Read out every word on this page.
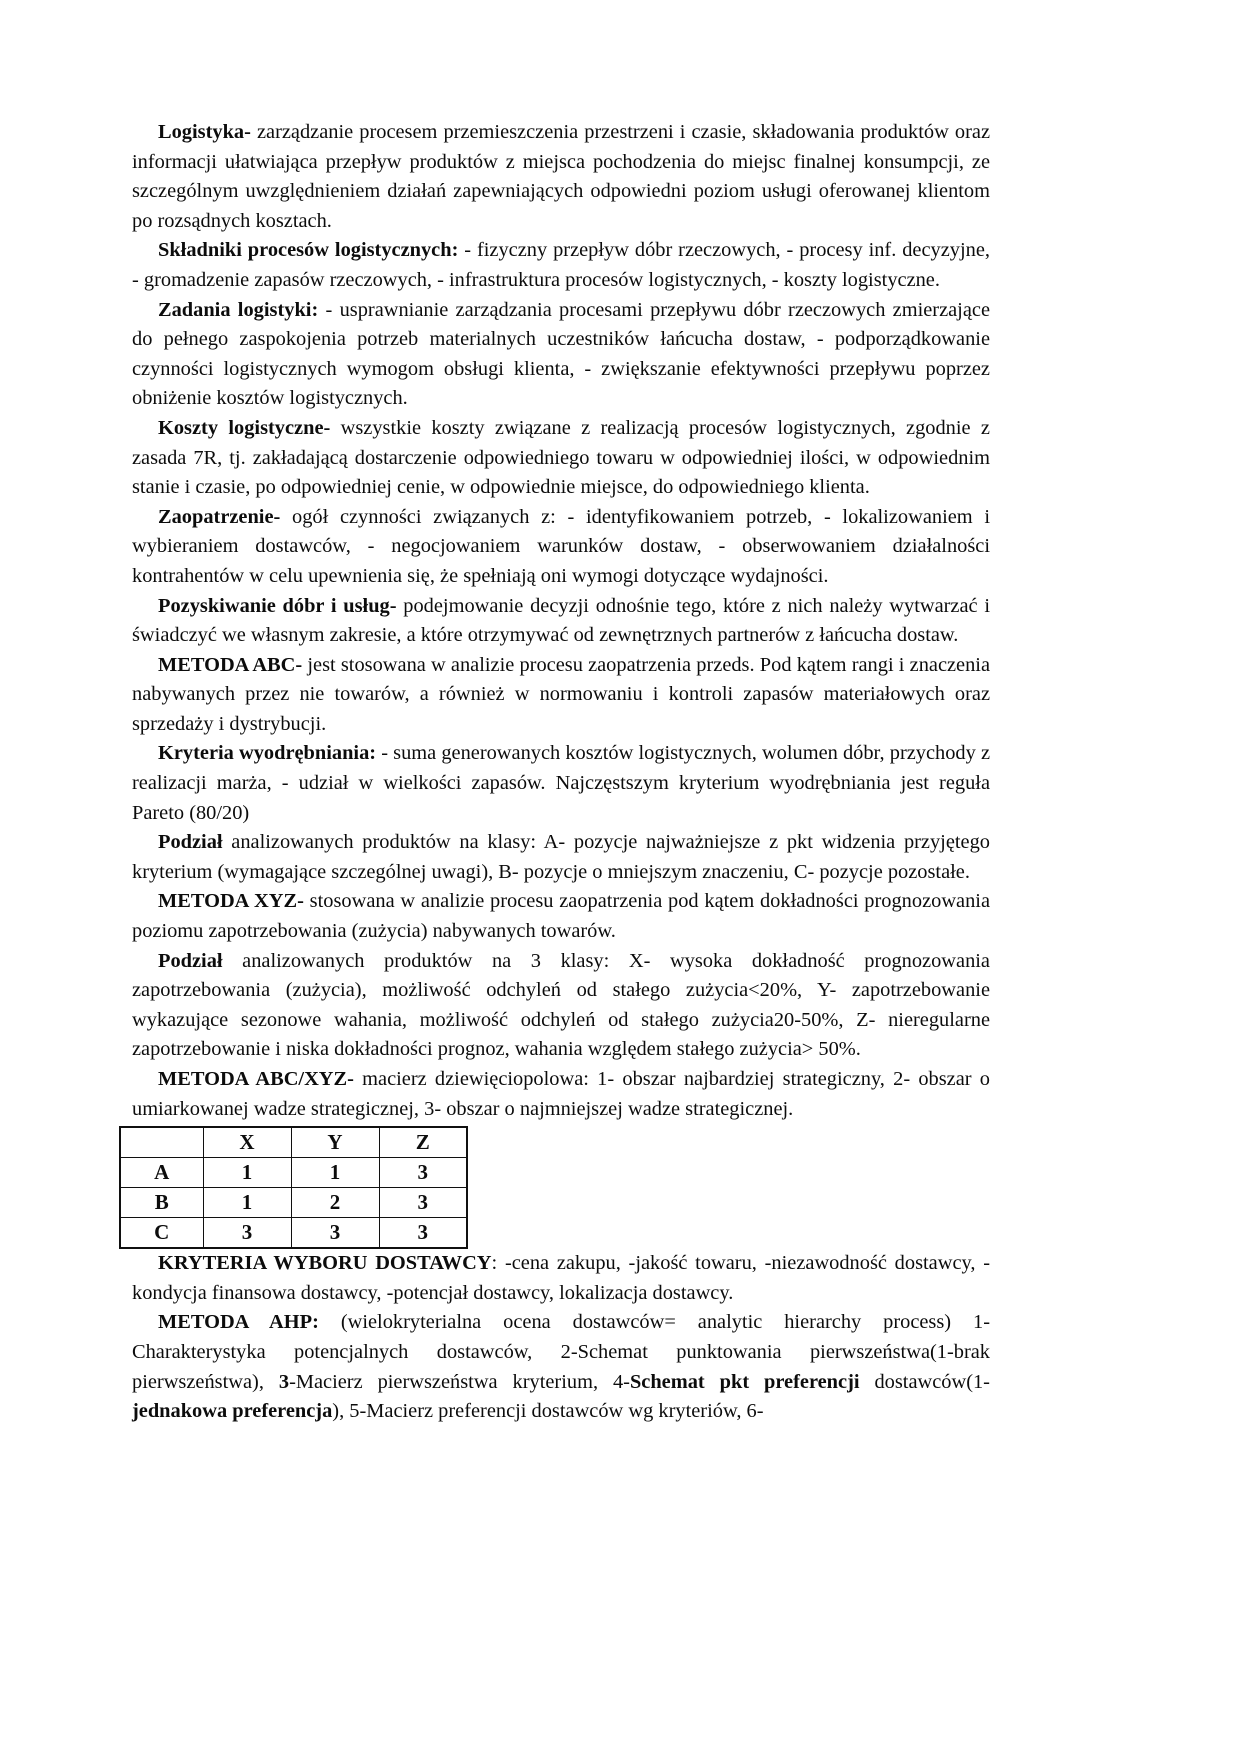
Logistyka- zarządzanie procesem przemieszczenia przestrzeni i czasie, składowania produktów oraz informacji ułatwiająca przepływ produktów z miejsca pochodzenia do miejsc finalnej konsumpcji, ze szczególnym uwzględnieniem działań zapewniających odpowiedni poziom usługi oferowanej klientom po rozsądnych kosztach.

Składniki procesów logistycznych: - fizyczny przepływ dóbr rzeczowych, - procesy inf. decyzyjne, - gromadzenie zapasów rzeczowych, - infrastruktura procesów logistycznych, - koszty logistyczne.

Zadania logistyki: - usprawnianie zarządzania procesami przepływu dóbr rzeczowych zmierzające do pełnego zaspokojenia potrzeb materialnych uczestników łańcucha dostaw, - podporządkowanie czynności logistycznych wymogom obsługi klienta, - zwiększanie efektywności przepływu poprzez obniżenie kosztów logistycznych.

Koszty logistyczne- wszystkie koszty związane z realizacją procesów logistycznych, zgodnie z zasada 7R, tj. zakładającą dostarczenie odpowiedniego towaru w odpowiedniej ilości, w odpowiednim stanie i czasie, po odpowiedniej cenie, w odpowiednie miejsce, do odpowiedniego klienta.

Zaopatrzenie- ogół czynności związanych z: - identyfikowaniem potrzeb, - lokalizowaniem i wybieraniem dostawców, - negocjowaniem warunków dostaw, - obserwowaniem działalności kontrahentów w celu upewnienia się, że spełniają oni wymogi dotyczące wydajności.

Pozyskiwanie dóbr i usług- podejmowanie decyzji odnośnie tego, które z nich należy wytwarzać i świadczyć we własnym zakresie, a które otrzymywać od zewnętrznych partnerów z łańcucha dostaw.

METODA ABC- jest stosowana w analizie procesu zaopatrzenia przeds. Pod kątem rangi i znaczenia nabywanych przez nie towarów, a również w normowaniu i kontroli zapasów materiałowych oraz sprzedaży i dystrybucji.

Kryteria wyodrębniania: - suma generowanych kosztów logistycznych, wolumen dóbr, przychody z realizacji marża, - udział w wielkości zapasów. Najczęstszym kryterium wyodrębniania jest reguła Pareto (80/20)

Podział analizowanych produktów na klasy: A- pozycje najważniejsze z pkt widzenia przyjętego kryterium (wymagające szczególnej uwagi), B- pozycje o mniejszym znaczeniu, C- pozycje pozostałe.

METODA XYZ- stosowana w analizie procesu zaopatrzenia pod kątem dokładności prognozowania poziomu zapotrzebowania (zużycia) nabywanych towarów.

Podział analizowanych produktów na 3 klasy: X- wysoka dokładność prognozowania zapotrzebowania (zużycia), możliwość odchyleń od stałego zużycia<20%, Y- zapotrzebowanie wykazujące sezonowe wahania, możliwość odchyleń od stałego zużycia20-50%, Z- nieregularne zapotrzebowanie i niska dokładności prognoz, wahania względem stałego zużycia> 50%.

METODA ABC/XYZ- macierz dziewięciopolowa: 1- obszar najbardziej strategiczny, 2- obszar o umiarkowanej wadze strategicznej, 3- obszar o najmniejszej wadze strategicznej.

	X	Y	Z
A	1	1	3
B	1	2	3
C	3	3	3

KRYTERIA WYBORU DOSTAWCY: -cena zakupu, -jakość towaru, -niezawodność dostawcy, - kondycja finansowa dostawcy, -potencjał dostawcy, lokalizacja dostawcy.

METODA AHP: (wielokryterialna ocena dostawców= analytic hierarchy process) 1- Charakterystyka potencjalnych dostawców, 2-Schemat punktowania pierwszeństwa(1-brak pierwszeństwa), 3-Macierz pierwszeństwa kryterium, 4-Schemat pkt preferencji dostawców(1-jednakowa preferencja), 5-Macierz preferencji dostawców wg kryteriów, 6-
